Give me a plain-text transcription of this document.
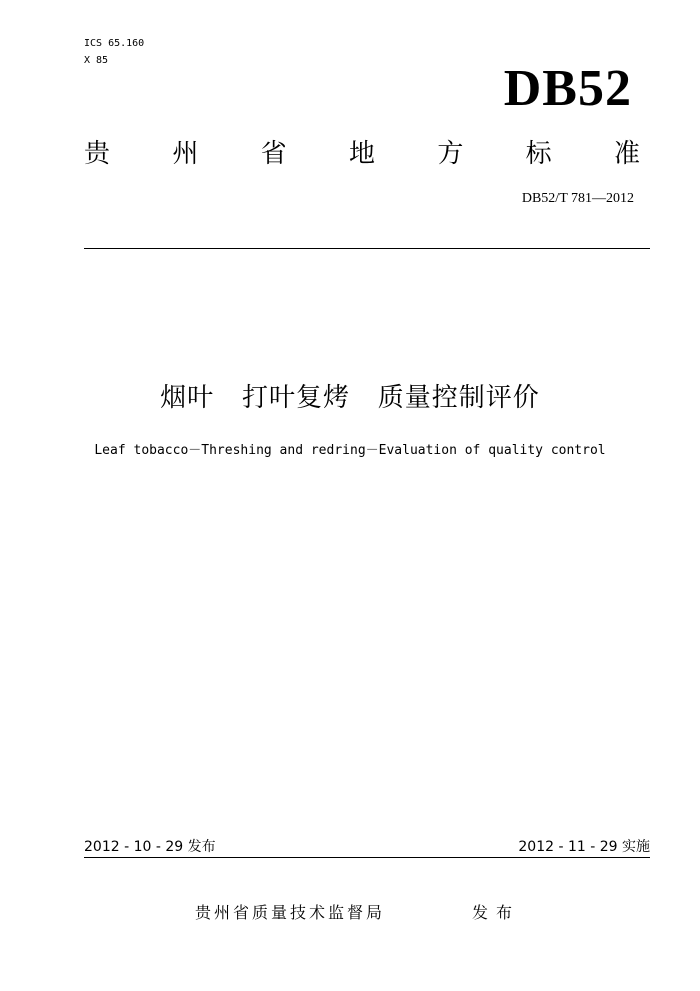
ICS 65.160
X 85	DB52
贵 州 省 地 方 标 准
DB52/T 781—2012
烟叶 打叶复烤 质量控制评价
Leaf tobacco－Threshing and redring－Evaluation of quality control
2012 - 10 - 29 发布	2012 - 11 - 29 实施
贵州省质量技术监督局	发布
